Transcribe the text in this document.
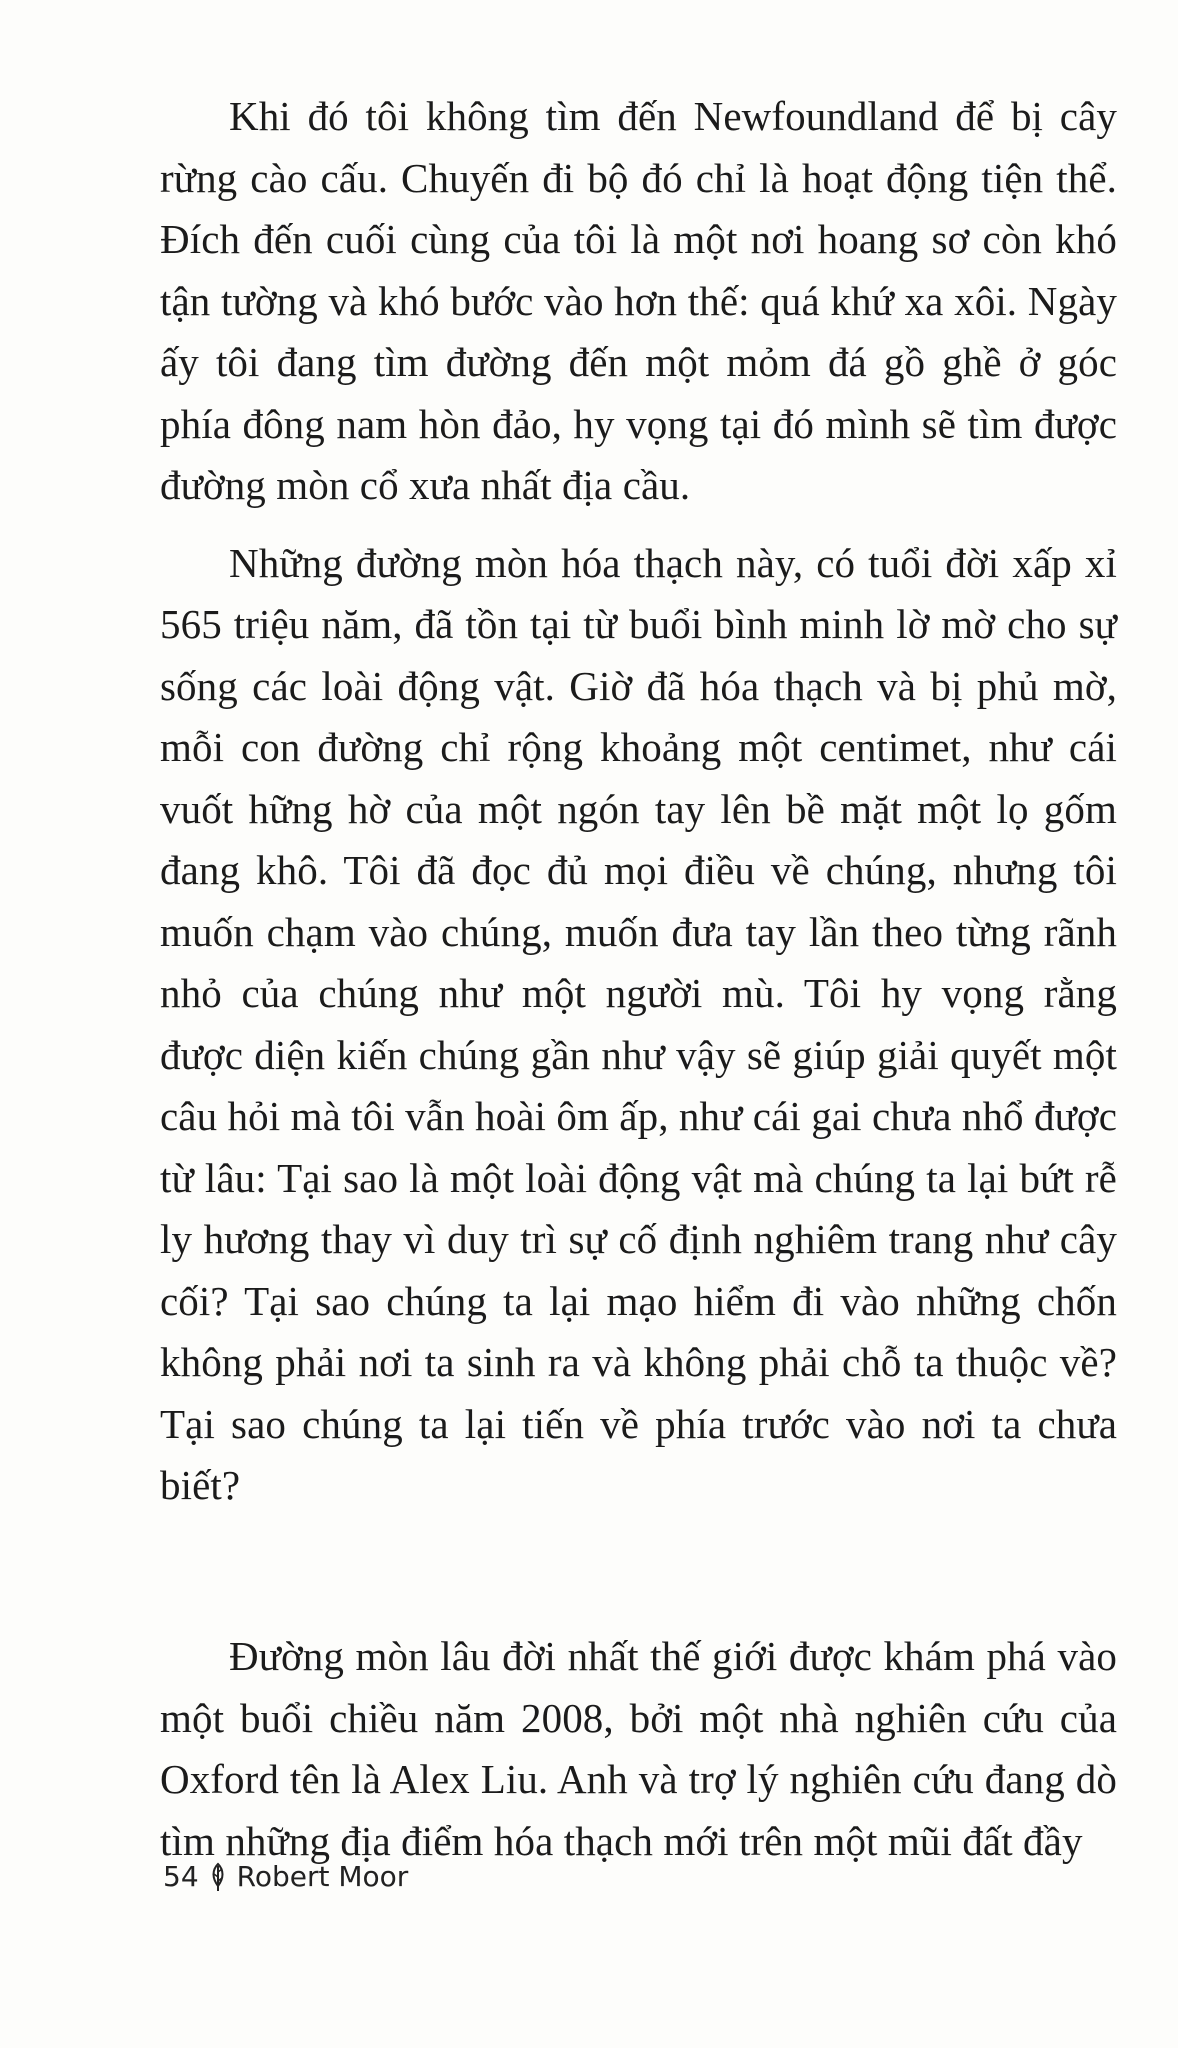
Khi đó tôi không tìm đến Newfoundland để bị cây rừng cào cấu. Chuyến đi bộ đó chỉ là hoạt động tiện thể. Đích đến cuối cùng của tôi là một nơi hoang sơ còn khó tận tường và khó bước vào hơn thế: quá khứ xa xôi. Ngày ấy tôi đang tìm đường đến một mỏm đá gồ ghề ở góc phía đông nam hòn đảo, hy vọng tại đó mình sẽ tìm được đường mòn cổ xưa nhất địa cầu.

Những đường mòn hóa thạch này, có tuổi đời xấp xỉ 565 triệu năm, đã tồn tại từ buổi bình minh lờ mờ cho sự sống các loài động vật. Giờ đã hóa thạch và bị phủ mờ, mỗi con đường chỉ rộng khoảng một centimet, như cái vuốt hững hờ của một ngón tay lên bề mặt một lọ gốm đang khô. Tôi đã đọc đủ mọi điều về chúng, nhưng tôi muốn chạm vào chúng, muốn đưa tay lần theo từng rãnh nhỏ của chúng như một người mù. Tôi hy vọng rằng được diện kiến chúng gần như vậy sẽ giúp giải quyết một câu hỏi mà tôi vẫn hoài ôm ấp, như cái gai chưa nhổ được từ lâu: Tại sao là một loài động vật mà chúng ta lại bứt rễ ly hương thay vì duy trì sự cố định nghiêm trang như cây cối? Tại sao chúng ta lại mạo hiểm đi vào những chốn không phải nơi ta sinh ra và không phải chỗ ta thuộc về? Tại sao chúng ta lại tiến về phía trước vào nơi ta chưa biết?

Đường mòn lâu đời nhất thế giới được khám phá vào một buổi chiều năm 2008, bởi một nhà nghiên cứu của Oxford tên là Alex Liu. Anh và trợ lý nghiên cứu đang dò tìm những địa điểm hóa thạch mới trên một mũi đất đầy

54 Robert Moor
